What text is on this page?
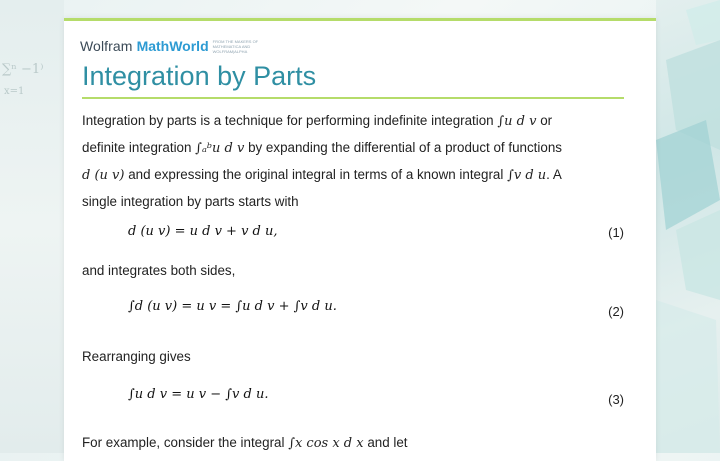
∑ⁿ −1⁾
x=1
Wolfram MathWorld FROM THE MAKERS OF MATHEMATICA AND WOLFRAM|ALPHA
Integration by Parts
Integration by parts is a technique for performing indefinite integration ∫u d v or
definite integration ∫ₐᵇu d v by expanding the differential of a product of functions
d (u v) and expressing the original integral in terms of a known integral ∫v d u. A
single integration by parts starts with
d (u v) = u d v + v d u,	(1)
and integrates both sides,
∫d (u v) = u v = ∫u d v + ∫v d u.	(2)
Rearranging gives
∫u d v = u v − ∫v d u.	(3)
For example, consider the integral ∫x cos x d x and let
